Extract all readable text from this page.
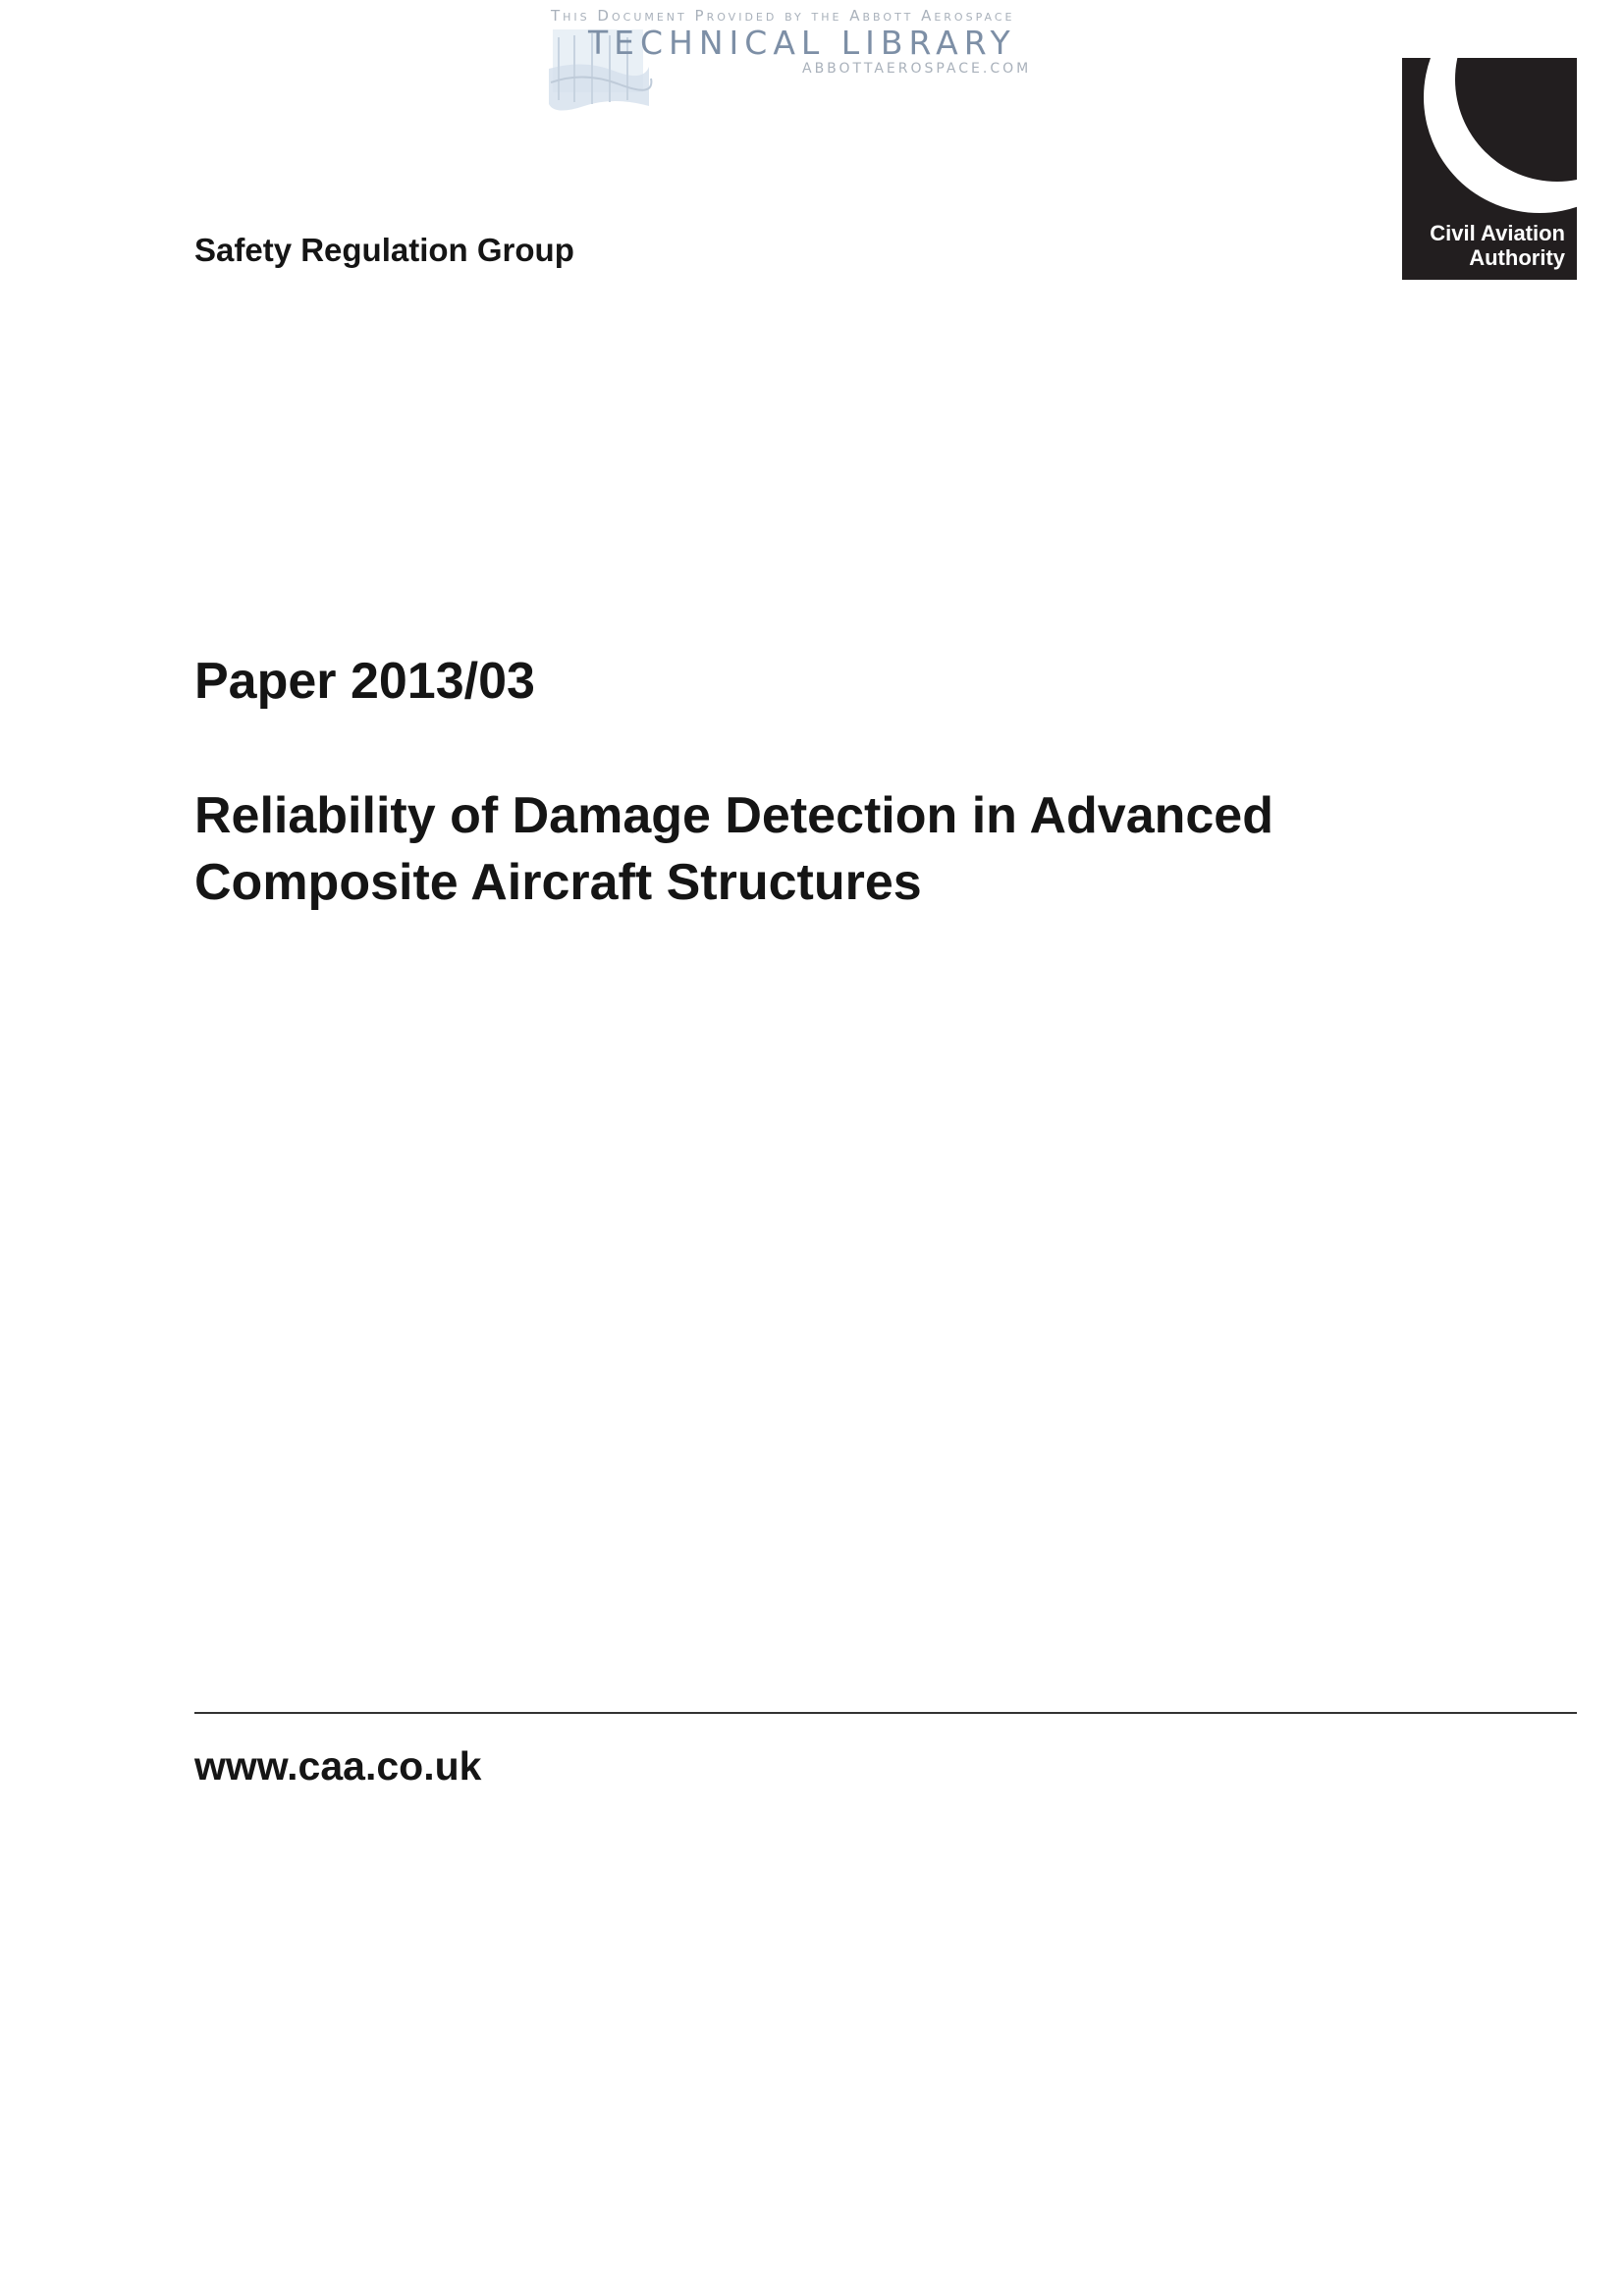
This Document Provided by the Abbott Aerospace
TECHNICAL LIBRARY
ABBOTTAEROSPACE.COM
Safety Regulation Group	Civil Aviation
Authority
Paper 2013/03
Reliability of Damage Detection in Advanced Composite Aircraft Structures
www.caa.co.uk
